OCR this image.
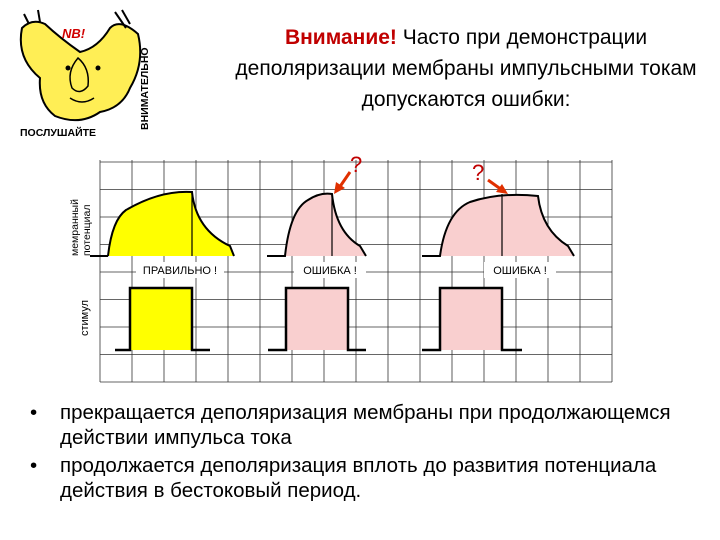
NB!
ПОСЛУШАЙТЕ
ВНИМАТЕЛЬНО
Внимание! Часто при демонстрации деполяризации мембраны импульсными токам допускаются ошибки:
ПРАВИЛЬНО !	ОШИБКА !	ОШИБКА !
мемранный потенциал
стимул
?	?
• прекращается деполяризация мембраны при продолжающемся действии импульса тока
• продолжается деполяризация вплоть до развития потенциала действия в бестоковый период.
